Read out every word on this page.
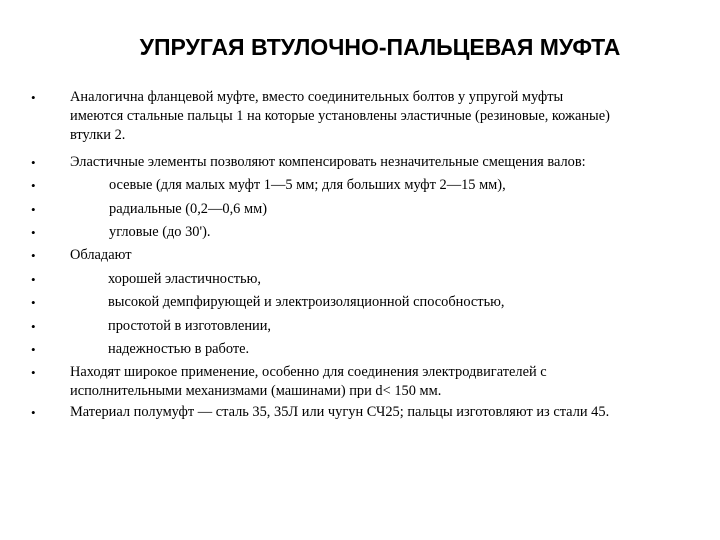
УПРУГАЯ ВТУЛОЧНО-ПАЛЬЦЕВАЯ МУФТА
• Аналогична фланцевой муфте, вместо соединительных болтов у упругой муфты
имеются стальные пальцы 1 на которые установлены эластичные (резиновые, кожаные)
втулки 2.
• Эластичные элементы позволяют компенсировать незначительные смещения валов:
•	осевые (для малых муфт 1—5 мм; для больших муфт 2—15 мм),
•	радиальные (0,2—0,6 мм)
•	угловые (до 30').
• Обладают
•	хорошей эластичностью,
•	высокой демпфирующей и электроизоляционной способностью,
•	простотой в изготовлении,
•	надежностью в работе.
• Находят широкое применение, особенно для соединения электродвигателей с
исполнительными механизмами (машинами) при d< 150 мм.
• Материал полумуфт — сталь 35, 35Л или чугун СЧ25; пальцы изготовляют из стали 45.
